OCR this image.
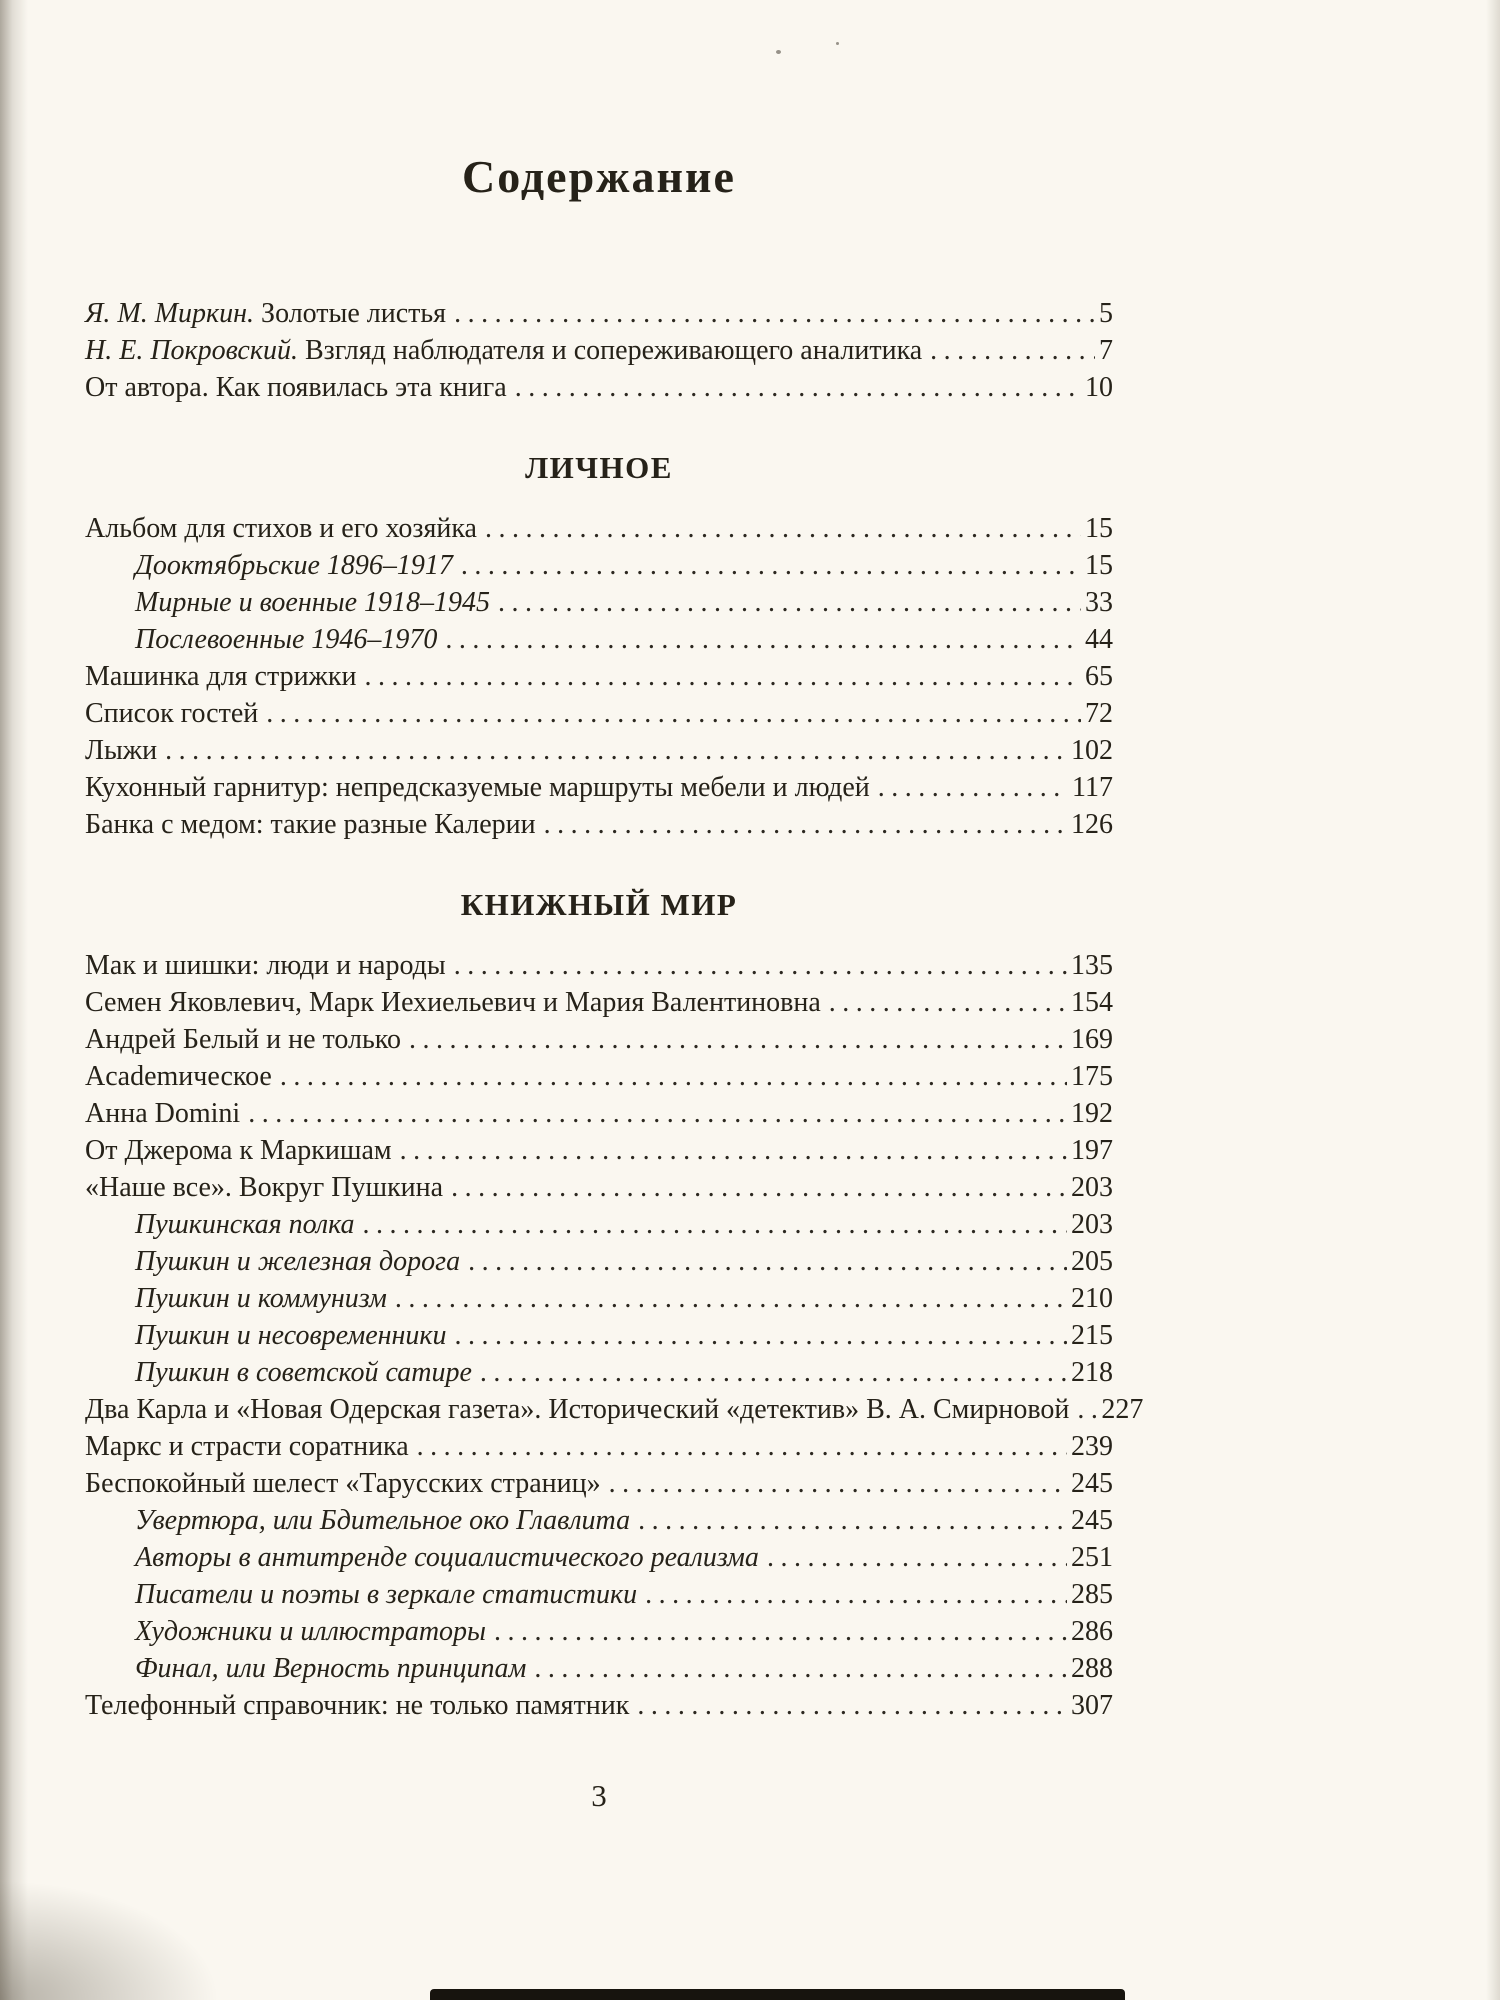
Содержание
Я. М. Миркин. Золотые листья .....	5
Н. Е. Покровский. Взгляд наблюдателя и сопереживающего аналитика .....	7
От автора. Как появилась эта книга .....	10
ЛИЧНОЕ
Альбом для стихов и его хозяйка .....	15
Дооктябрьские 1896–1917 .....	15
Мирные и военные 1918–1945 .....	33
Послевоенные 1946–1970 .....	44
Машинка для стрижки .....	65
Список гостей .....	72
Лыжи .....	102
Кухонный гарнитур: непредсказуемые маршруты мебели и людей .....	117
Банка с медом: такие разные Калерии .....	126
КНИЖНЫЙ МИР
Мак и шишки: люди и народы .....	135
Семен Яковлевич, Марк Иехиельевич и Мария Валентиновна .....	154
Андрей Белый и не только .....	169
Academическое .....	175
Анна Domini .....	192
От Джерома к Маркишам .....	197
«Наше все». Вокруг Пушкина .....	203
Пушкинская полка .....	203
Пушкин и железная дорога .....	205
Пушкин и коммунизм .....	210
Пушкин и несовременники .....	215
Пушкин в советской сатире .....	218
Два Карла и «Новая Одерская газета». Исторический «детектив» В. А. Смирновой ..... 227
Маркс и страсти соратника .....	239
Беспокойный шелест «Тарусских страниц» .....	245
Увертюра, или Бдительное око Главлита .....	245
Авторы в антитренде социалистического реализма .....	251
Писатели и поэты в зеркале статистики .....	285
Художники и иллюстраторы .....	286
Финал, или Верность принципам .....	288
Телефонный справочник: не только памятник .....	307
3
